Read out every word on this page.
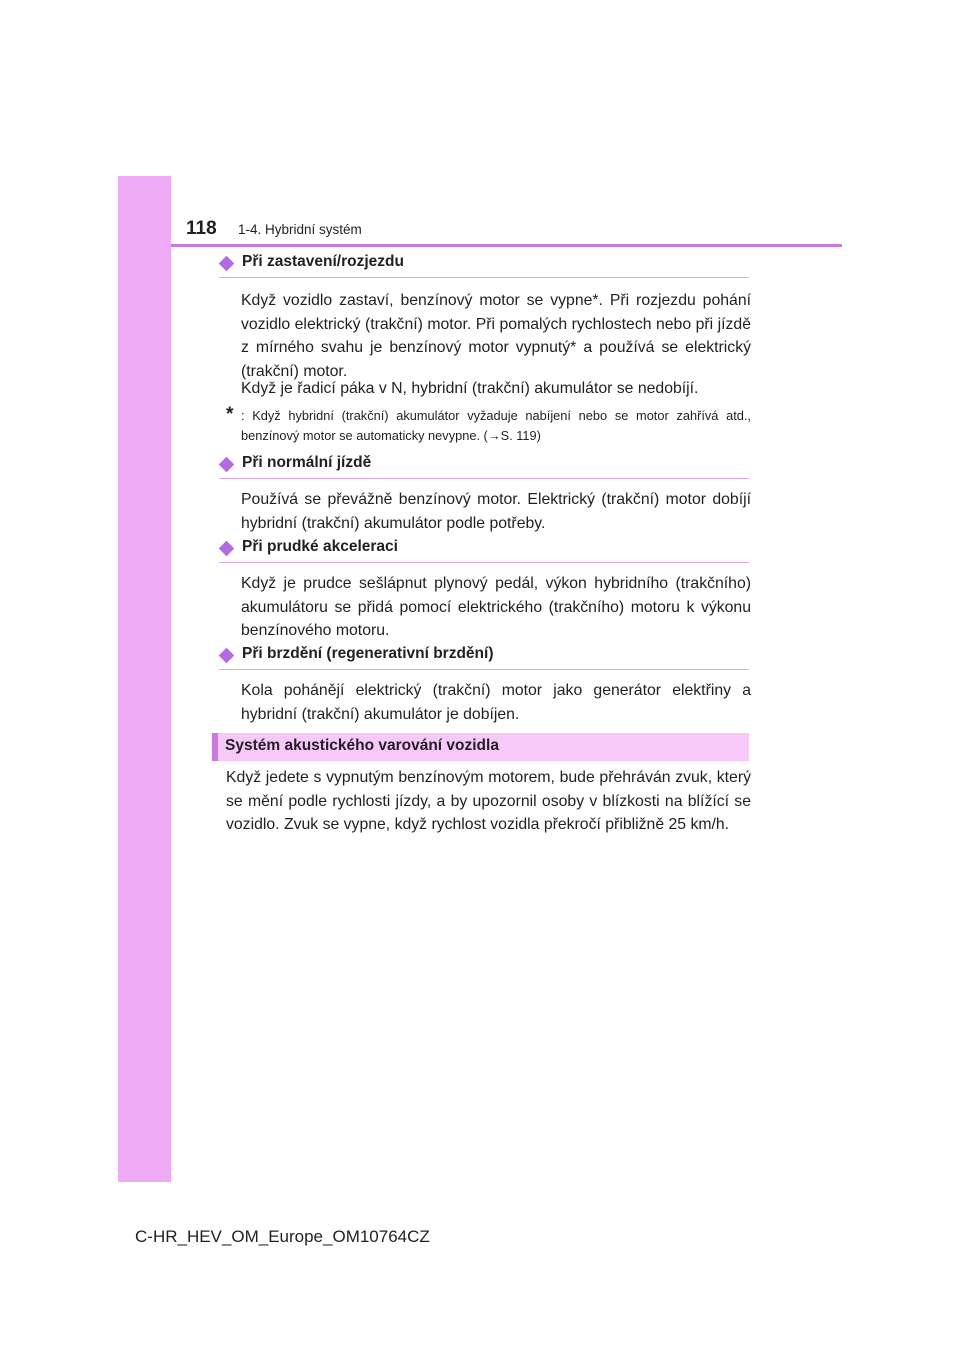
118 1-4. Hybridní systém
Při zastavení/rozjezdu
Když vozidlo zastaví, benzínový motor se vypne*. Při rozjezdu pohání vozidlo elektrický (trakční) motor. Při pomalých rychlostech nebo při jízdě z mírného svahu je benzínový motor vypnutý* a používá se elektrický (trakční) motor.
Když je řadicí páka v N, hybridní (trakční) akumulátor se nedobíjí.
* : Když hybridní (trakční) akumulátor vyžaduje nabíjení nebo se motor zahřívá atd., benzínový motor se automaticky nevypne. (→S. 119)
Při normální jízdě
Používá se převážně benzínový motor. Elektrický (trakční) motor dobíjí hybridní (trakční) akumulátor podle potřeby.
Při prudké akceleraci
Když je prudce sešlápnut plynový pedál, výkon hybridního (trakčního) akumulátoru se přidá pomocí elektrického (trakčního) motoru k výkonu benzínového motoru.
Při brzdění (regenerativní brzdění)
Kola pohánějí elektrický (trakční) motor jako generátor elektřiny a hybridní (trakční) akumulátor je dobíjen.
Systém akustického varování vozidla
Když jedete s vypnutým benzínovým motorem, bude přehráván zvuk, který se mění podle rychlosti jízdy, a by upozornil osoby v blízkosti na blížící se vozidlo. Zvuk se vypne, když rychlost vozidla překročí přibližně 25 km/h.
C-HR_HEV_OM_Europe_OM10764CZ
